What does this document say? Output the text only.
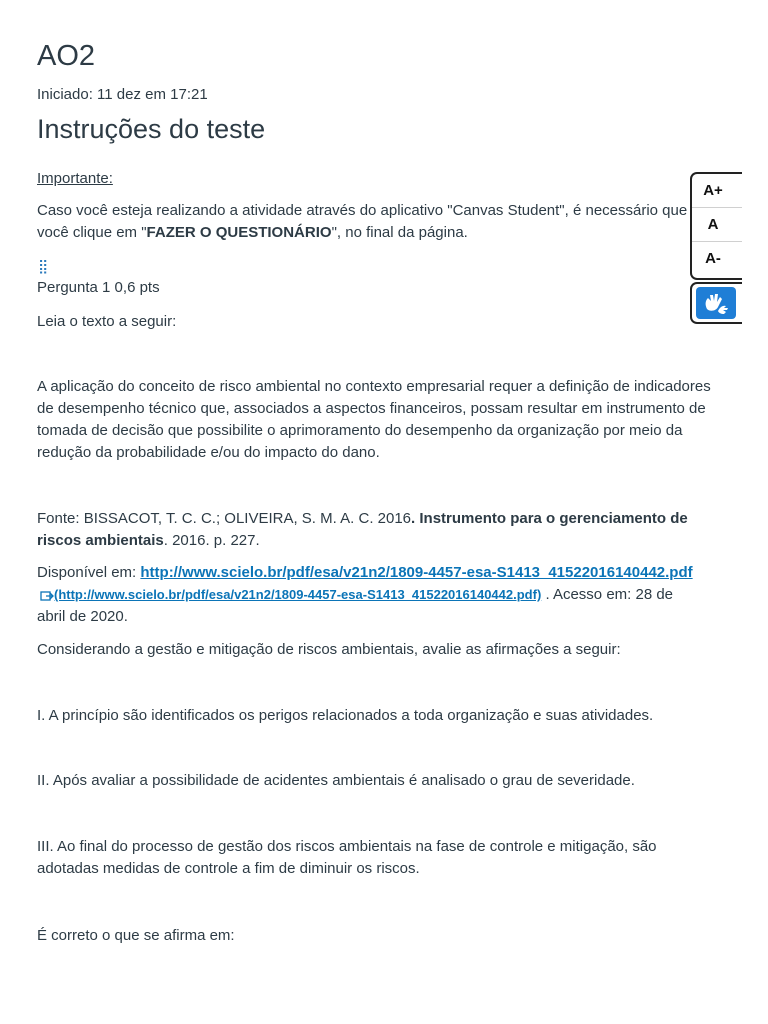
AO2
Iniciado: 11 dez em 17:21
Instruções do teste

Importante:

Caso você esteja realizando a atividade através do aplicativo "Canvas Student", é necessário que

você clique em "FAZER O QUESTIONÁRIO", no final da página.

⣿

Pergunta 1 0,6 pts

Leia o texto a seguir:

A aplicação do conceito de risco ambiental no contexto empresarial requer a definição de indicadores
de desempenho técnico que, associados a aspectos financeiros, possam resultar em instrumento de
tomada de decisão que possibilite o aprimoramento do desempenho da organização por meio da
redução da probabilidade e/ou do impacto do dano.
Fonte: BISSACOT, T. C. C.; OLIVEIRA, S. M. A. C. 2016. Instrumento para o gerenciamento de
riscos ambientais. 2016. p. 227.
Disponível em: http://www.scielo.br/pdf/esa/v21n2/1809-4457-esa-S1413_41522016140442.pdf
(http://www.scielo.br/pdf/esa/v21n2/1809-4457-esa-S1413_41522016140442.pdf) . Acesso em: 28 de
abril de 2020.

Considerando a gestão e mitigação de riscos ambientais, avalie as afirmações a seguir:

I. A princípio são identificados os perigos relacionados a toda organização e suas atividades.

II. Após avaliar a possibilidade de acidentes ambientais é analisado o grau de severidade.

III. Ao final do processo de gestão dos riscos ambientais na fase de controle e mitigação, são
adotadas medidas de controle a fim de diminuir os riscos.

É correto o que se afirma em:

A+
A
A-
